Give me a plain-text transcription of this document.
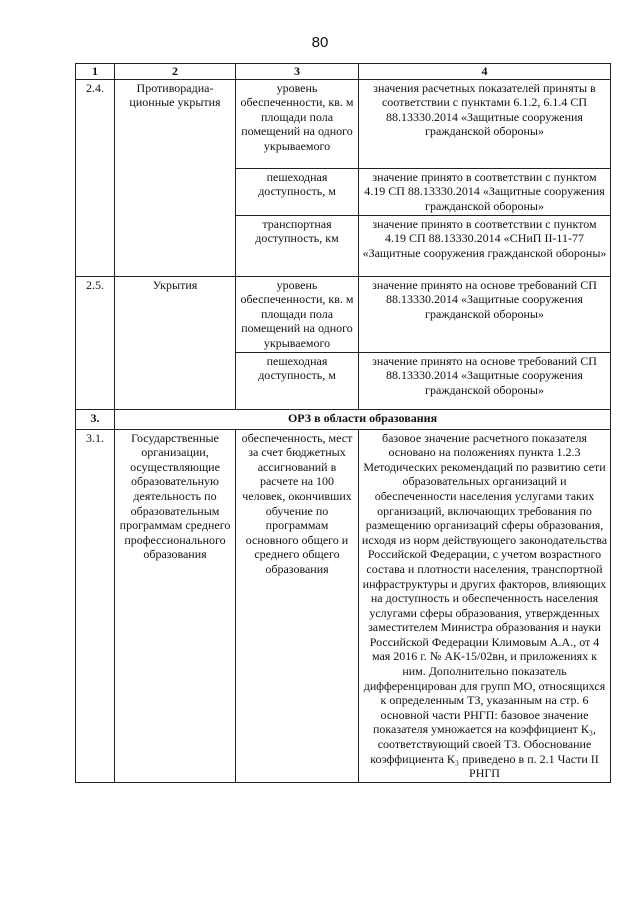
80
1	2	3	4
2.4.	Противорадиа-ционные укрытия	уровень обеспеченности, кв. м площади пола помещений на одного укрываемого	значения расчетных показателей приняты в соответствии с пунктами 6.1.2, 6.1.4 СП 88.13330.2014 «Защитные сооружения гражданской обороны»
		пешеходная доступность, м	значение принято в соответствии с пунктом 4.19 СП 88.13330.2014 «Защитные сооружения гражданской обороны»
		транспортная доступность, км	значение принято в соответствии с пунктом 4.19 СП 88.13330.2014 «СНиП II-11-77 «Защитные сооружения гражданской обороны»
2.5.	Укрытия	уровень обеспеченности, кв. м площади пола помещений на одного укрываемого	значение принято на основе требований СП 88.13330.2014 «Защитные сооружения гражданской обороны»
		пешеходная доступность, м	значение принято на основе требований СП 88.13330.2014 «Защитные сооружения гражданской обороны»
3.	ОРЗ в области образования		
3.1.	Государственные организации, осуществляющие образовательную деятельность по образовательным программам среднего профессионального образования	обеспеченность, мест за счет бюджетных ассигнований в расчете на 100 человек, окончивших обучение по программам основного общего и среднего общего образования	базовое значение расчетного показателя основано на положениях пункта 1.2.3 Методических рекомендаций по развитию сети образовательных организаций и обеспеченности населения услугами таких организаций, включающих требования по размещению организаций сферы образования, исходя из норм действующего законодательства Российской Федерации, с учетом возрастного состава и плотности населения, транспортной инфраструктуры и других факторов, влияющих на доступность и обеспеченность населения услугами сферы образования, утвержденных заместителем Министра образования и науки Российской Федерации Климовым А.А., от 4 мая 2016 г. № АК-15/02вн, и приложениях к ним. Дополнительно показатель дифференцирован для групп МО, относящихся к определенным ТЗ, указанным на стр. 6 основной части РНГП: базовое значение показателя умножается на коэффициент К₃, соответствующий своей ТЗ. Обоснование коэффициента К₃ приведено в п. 2.1 Части II РНГП
